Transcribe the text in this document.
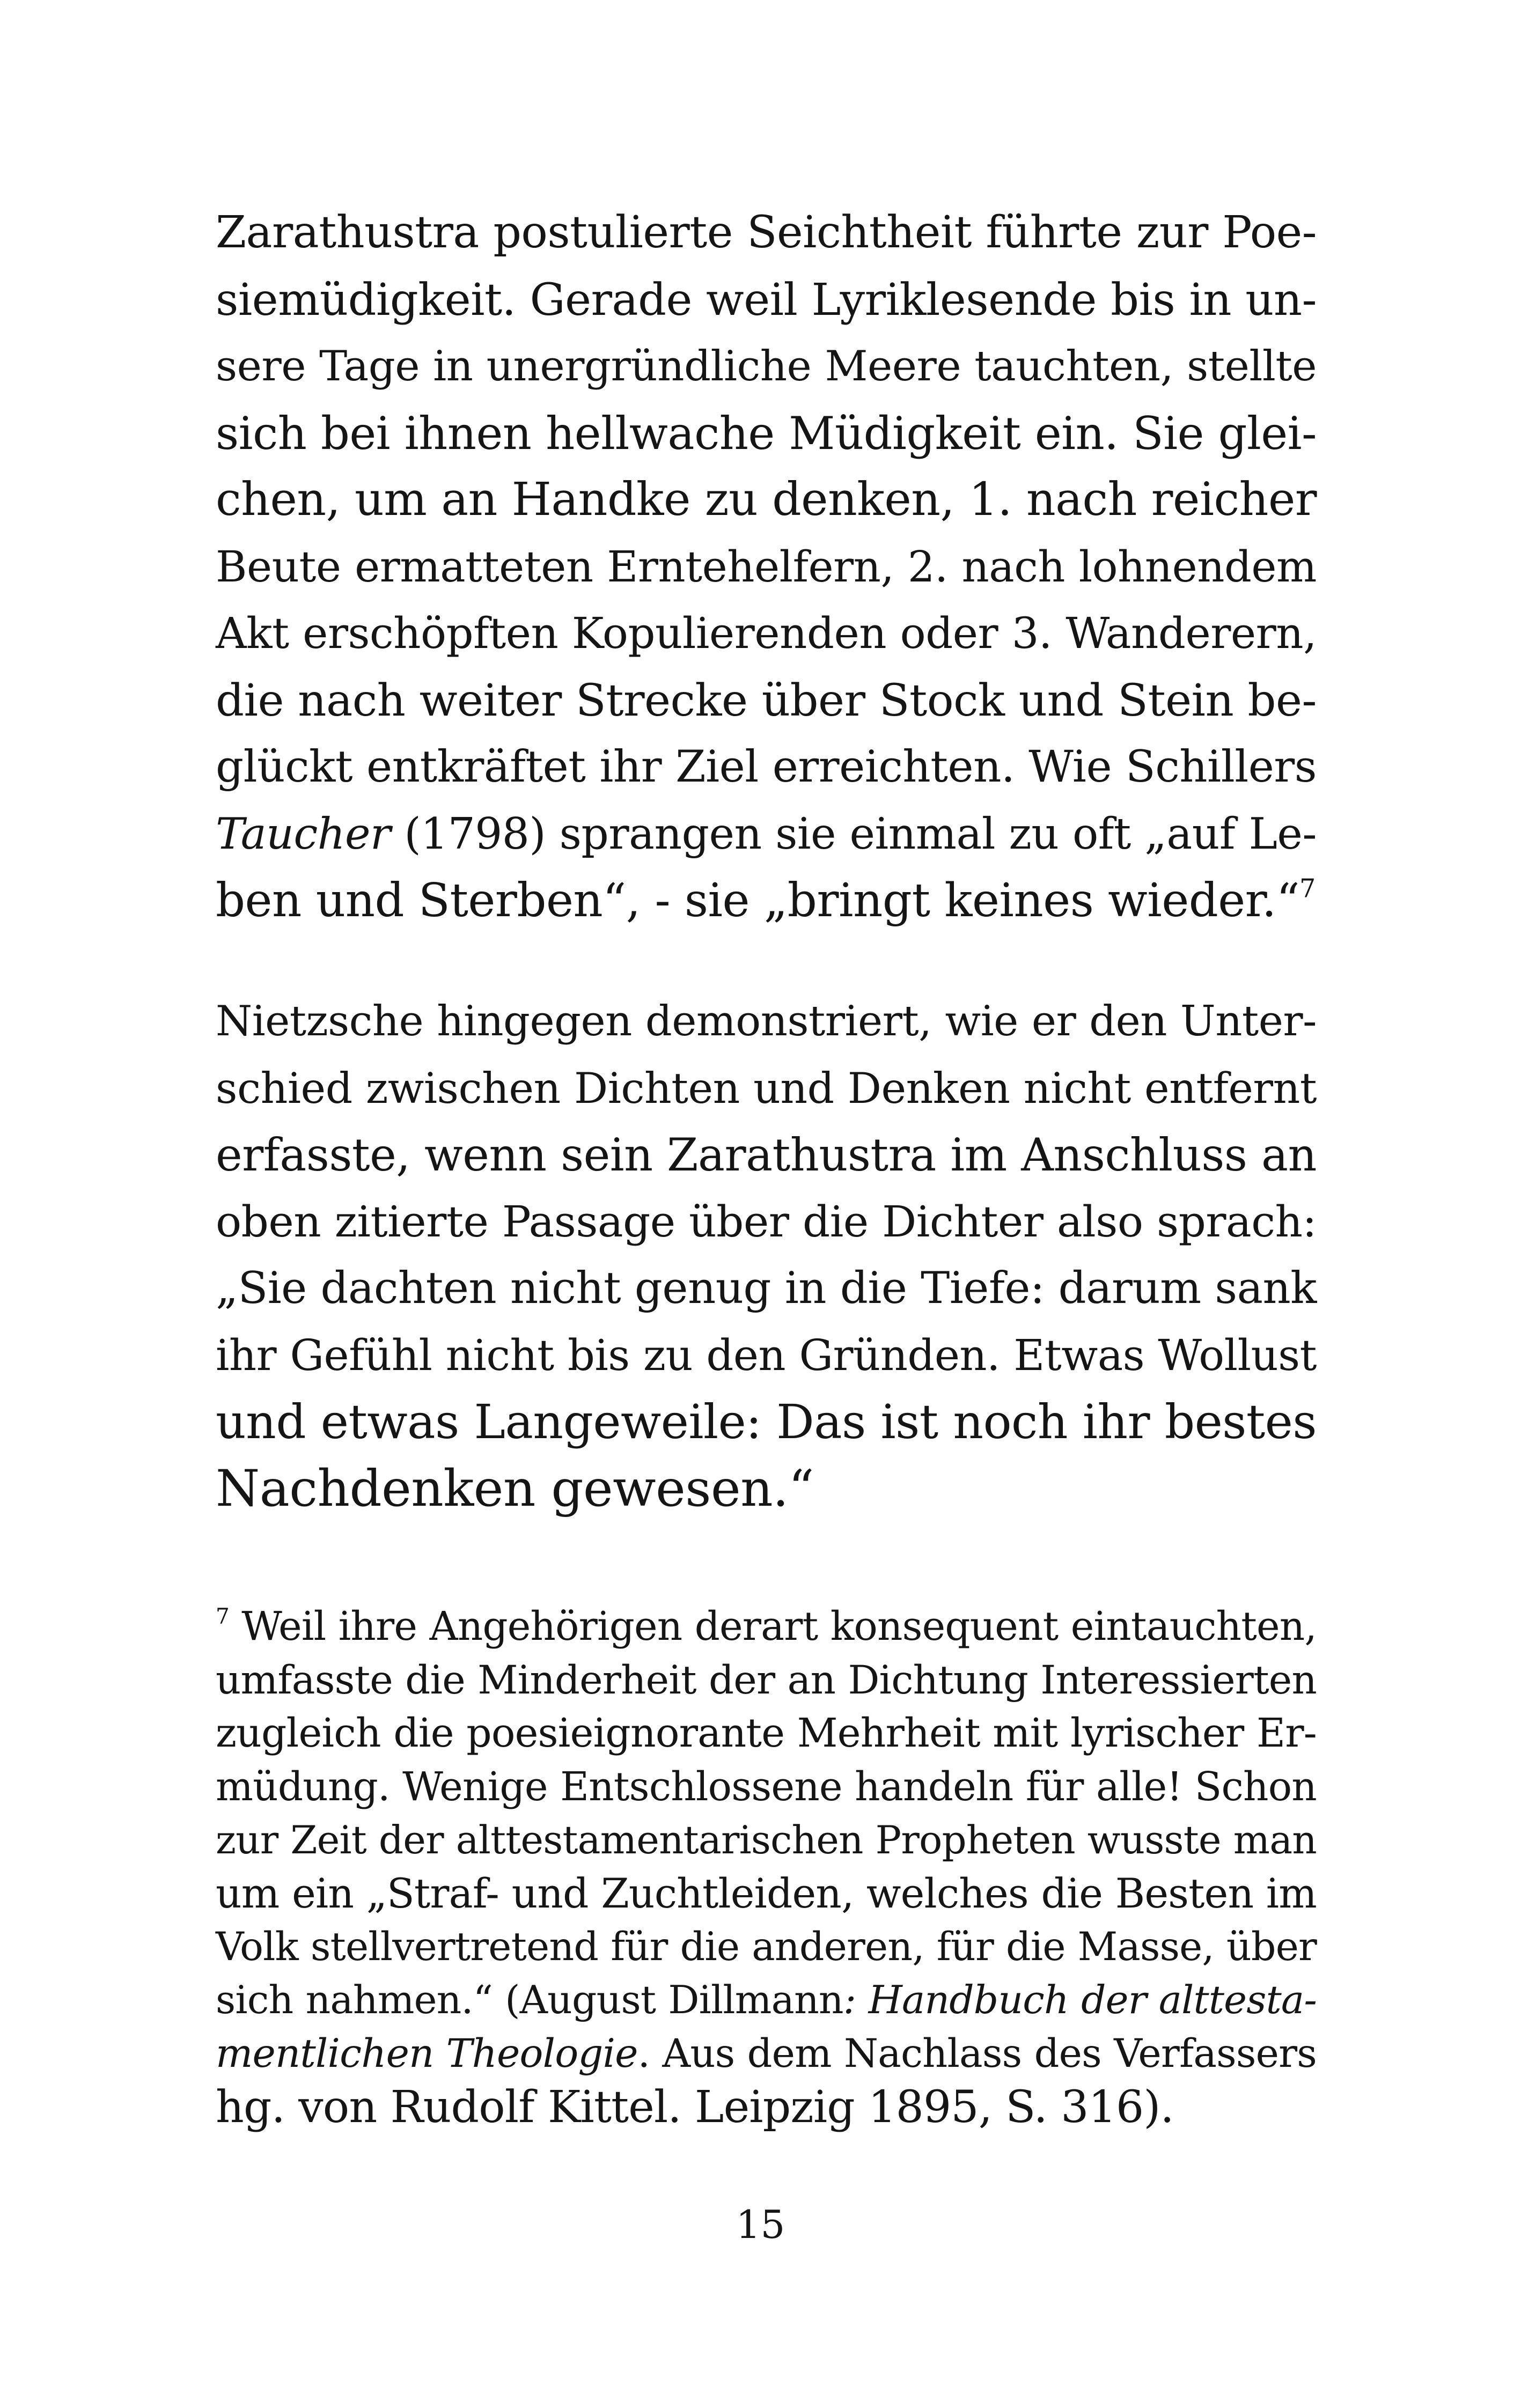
Zarathustra postulierte Seichtheit führte zur Poe-
siemüdigkeit. Gerade weil Lyriklesende bis in un-
sere Tage in unergründliche Meere tauchten, stellte
sich bei ihnen hellwache Müdigkeit ein. Sie glei-
chen, um an Handke zu denken, 1. nach reicher
Beute ermatteten Erntehelfern, 2. nach lohnendem
Akt erschöpften Kopulierenden oder 3. Wanderern,
die nach weiter Strecke über Stock und Stein be-
glückt entkräftet ihr Ziel erreichten. Wie Schillers
Taucher (1798) sprangen sie einmal zu oft „auf Le-
ben und Sterben“, - sie „bringt keines wieder.“$^7$
Nietzsche hingegen demonstriert, wie er den Unter-
schied zwischen Dichten und Denken nicht entfernt
erfasste, wenn sein Zarathustra im Anschluss an
oben zitierte Passage über die Dichter also sprach:
„Sie dachten nicht genug in die Tiefe: darum sank
ihr Gefühl nicht bis zu den Gründen. Etwas Wollust
und etwas Langeweile: Das ist noch ihr bestes
Nachdenken gewesen.“
$^7$ Weil ihre Angehörigen derart konsequent eintauchten,
umfasste die Minderheit der an Dichtung Interessierten
zugleich die poesieignorante Mehrheit mit lyrischer Er-
müdung. Wenige Entschlossene handeln für alle! Schon
zur Zeit der alttestamentarischen Propheten wusste man
um ein „Straf- und Zuchtleiden, welches die Besten im
Volk stellvertretend für die anderen, für die Masse, über
sich nahmen.“ (August Dillmann: Handbuch der alttesta-
mentlichen Theologie. Aus dem Nachlass des Verfassers
hg. von Rudolf Kittel. Leipzig 1895, S. 316).
15
